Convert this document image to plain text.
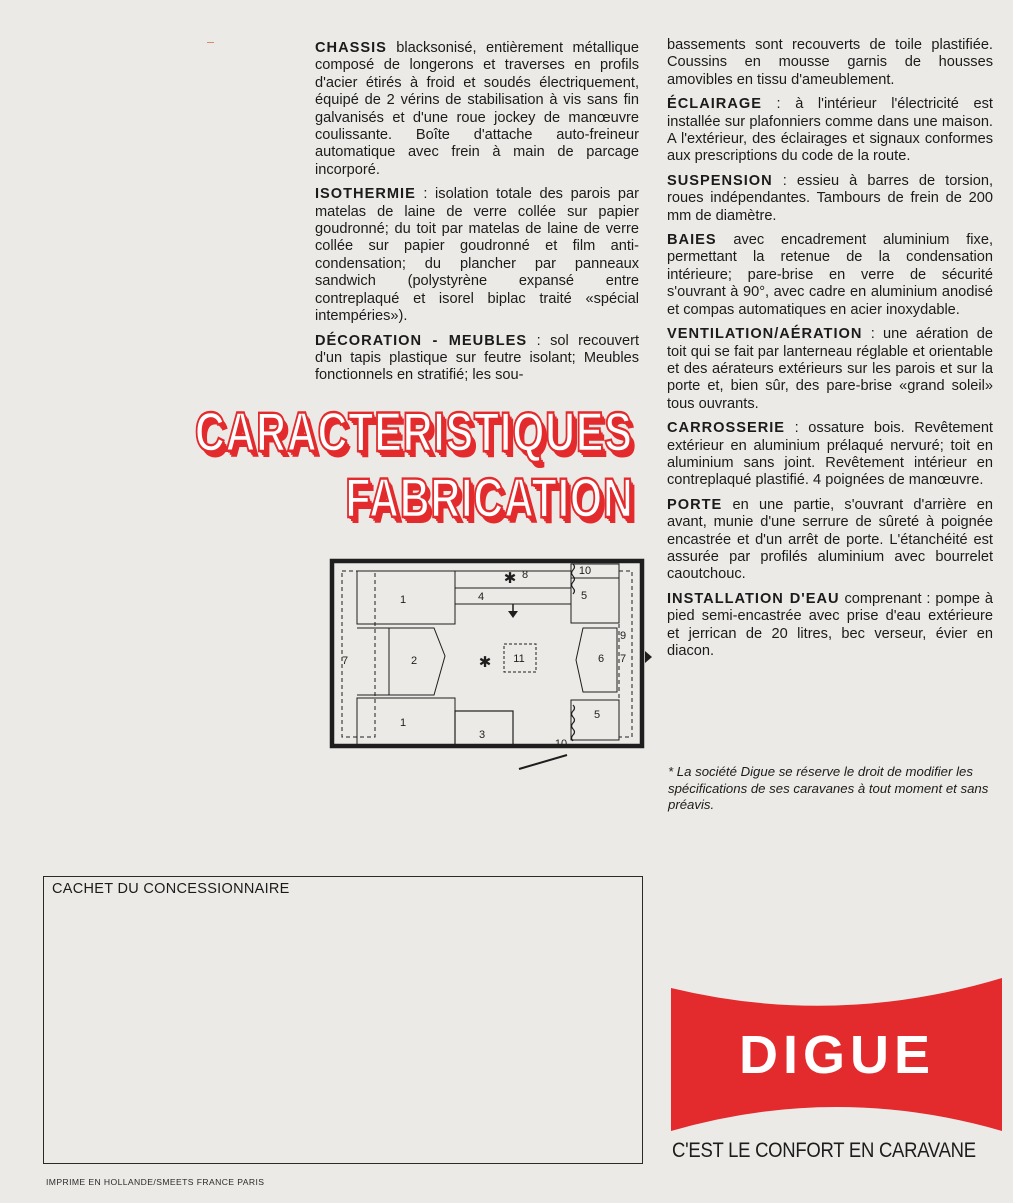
CHASSIS blacksonisé, entièrement métallique composé de longerons et traverses en profils d'acier étirés à froid et soudés électriquement, équipé de 2 vérins de stabilisation à vis sans fin galvanisés et d'une roue jockey de manœuvre coulissante. Boîte d'attache auto-freineur automatique avec frein à main de parcage incorporé.

ISOTHERMIE : isolation totale des parois par matelas de laine de verre collée sur papier goudronné; du toit par matelas de laine de verre collée sur papier goudronné et film anti-condensation; du plancher par panneaux sandwich (polystyrène expansé entre contreplaqué et isorel biplac traité «spécial intempéries»).

DÉCORATION - MEUBLES : sol recouvert d'un tapis plastique sur feutre isolant; Meubles fonctionnels en stratifié; les sou-

bassements sont recouverts de toile plastifiée. Coussins en mousse garnis de housses amovibles en tissu d'ameublement.

ÉCLAIRAGE : à l'intérieur l'électricité est installée sur plafonniers comme dans une maison. A l'extérieur, des éclairages et signaux conformes aux prescriptions du code de la route.

SUSPENSION : essieu à barres de torsion, roues indépendantes. Tambours de frein de 200 mm de diamètre.

BAIES avec encadrement aluminium fixe, permettant la retenue de la condensation intérieure; pare-brise en verre de sécurité s'ouvrant à 90°, avec cadre en aluminium anodisé et compas automatiques en acier inoxydable.

VENTILATION/AÉRATION : une aération de toit qui se fait par lanterneau réglable et orientable et des aérateurs extérieurs sur les parois et sur la porte et, bien sûr, des pare-brise «grand soleil» tous ouvrants.

CARROSSERIE : ossature bois. Revêtement extérieur en aluminium prélaqué nervuré; toit en aluminium sans joint. Revêtement intérieur en contreplaqué plastifié. 4 poignées de manœuvre.

PORTE en une partie, s'ouvrant d'arrière en avant, munie d'une serrure de sûreté à poignée encastrée et d'un arrêt de porte. L'étanchéité est assurée par profilés aluminium avec bourrelet caoutchouc.

INSTALLATION D'EAU comprenant : pompe à pied semi-encastrée avec prise d'eau extérieure et jerrican de 20 litres, bec verseur, évier en diacon.

CARACTERISTIQUES
FABRICATION
✱
✱
1
7	2
1
4
8
11
3
10
5
9
6 7
5
10
* La société Digue se réserve le droit de modifier les spécifications de ses caravanes à tout moment et sans préavis.
CACHET DU CONCESSIONNAIRE
DIGUE
C'EST LE CONFORT EN CARAVANE
IMPRIME EN HOLLANDE/SMEETS FRANCE PARIS
